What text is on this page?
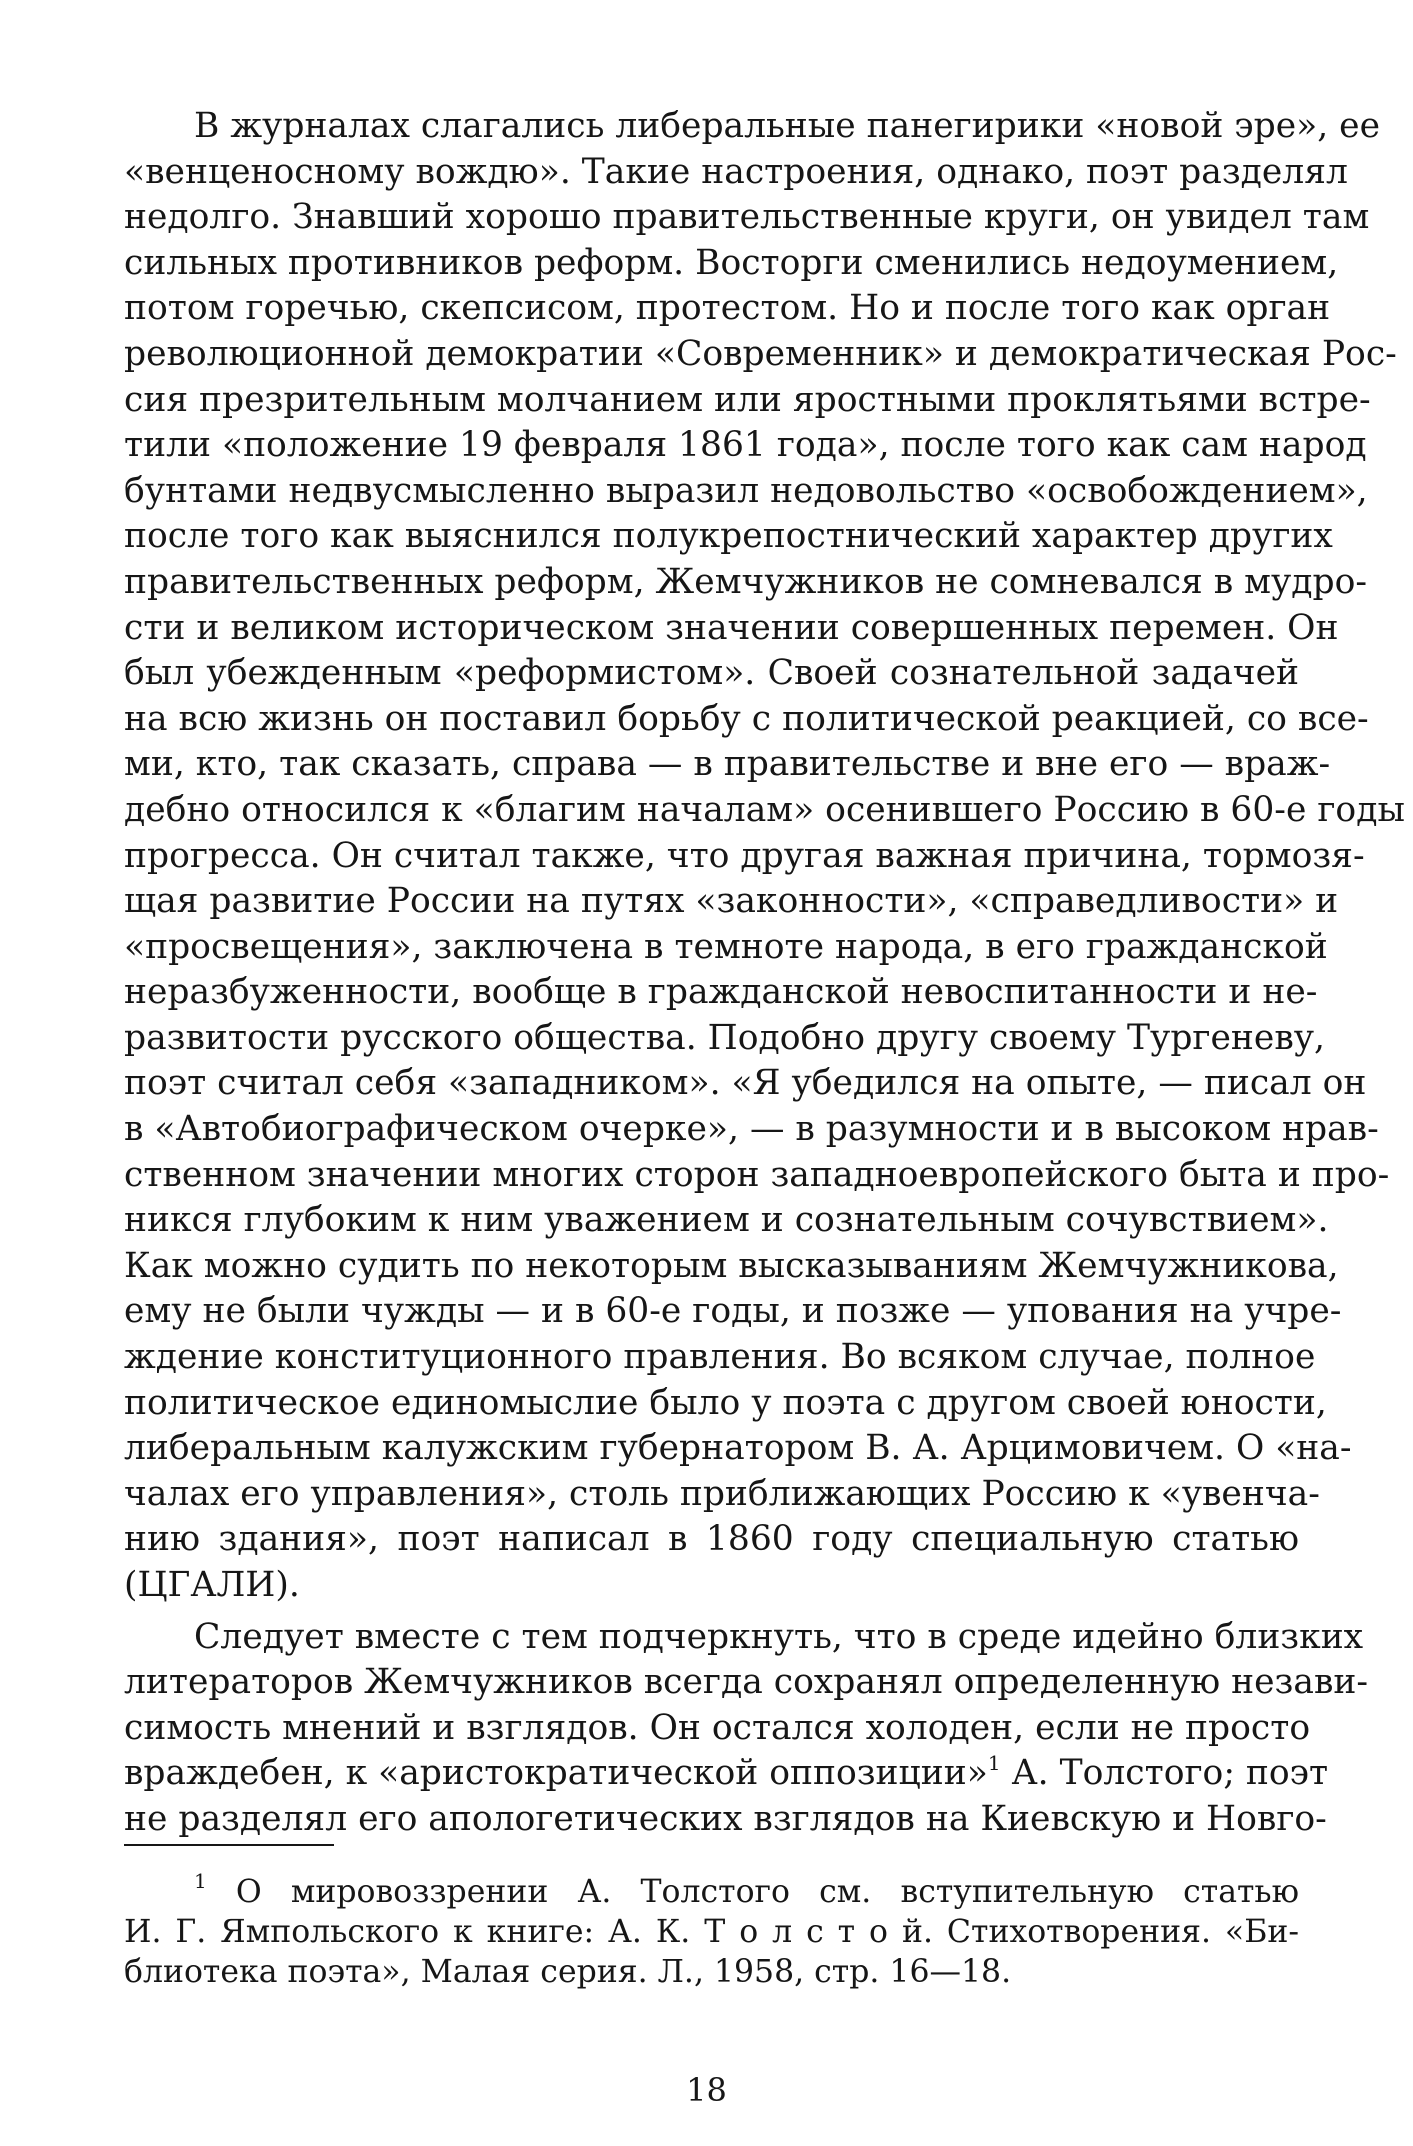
В журналах слагались либеральные панегирики «новой эре», ее
«венценосному вождю». Такие настроения, однако, поэт разделял
недолго. Знавший хорошо правительственные круги, он увидел там
сильных противников реформ. Восторги сменились недоумением,
потом горечью, скепсисом, протестом. Но и после того как орган
революционной демократии «Современник» и демократическая Рос-
сия презрительным молчанием или яростными проклятьями встре-
тили «положение 19 февраля 1861 года», после того как сам народ
бунтами недвусмысленно выразил недовольство «освобождением»,
после того как выяснился полукрепостнический характер других
правительственных реформ, Жемчужников не сомневался в мудро-
сти и великом историческом значении совершенных перемен. Он
был убежденным «реформистом». Своей сознательной задачей
на всю жизнь он поставил борьбу с политической реакцией, со все-
ми, кто, так сказать, справа — в правительстве и вне его — враж-
дебно относился к «благим началам» осенившего Россию в 60-е годы
прогресса. Он считал также, что другая важная причина, тормозя-
щая развитие России на путях «законности», «справедливости» и
«просвещения», заключена в темноте народа, в его гражданской
неразбуженности, вообще в гражданской невоспитанности и не-
развитости русского общества. Подобно другу своему Тургеневу,
поэт считал себя «западником». «Я убедился на опыте, — писал он
в «Автобиографическом очерке», — в разумности и в высоком нрав-
ственном значении многих сторон западноевропейского быта и про-
никся глубоким к ним уважением и сознательным сочувствием».
Как можно судить по некоторым высказываниям Жемчужникова,
ему не были чужды — и в 60-е годы, и позже — упования на учре-
ждение конституционного правления. Во всяком случае, полное
политическое единомыслие было у поэта с другом своей юности,
либеральным калужским губернатором В. А. Арцимовичем. О «на-
чалах его управления», столь приближающих Россию к «увенча-
нию здания», поэт написал в 1860 году специальную статью
(ЦГАЛИ).
Следует вместе с тем подчеркнуть, что в среде идейно близких
литераторов Жемчужников всегда сохранял определенную незави-
симость мнений и взглядов. Он остался холоден, если не просто
враждебен, к «аристократической оппозиции»$^1$ А. Толстого; поэт
не разделял его апологетических взглядов на Киевскую и Новго-
$^1$ О мировоззрении А. Толстого см. вступительную статью
И. Г. Ямпольского к книге: А. К. Т о л с т о й. Стихотворения. «Би-
блиотека поэта», Малая серия. Л., 1958, стр. 16—18.
18
